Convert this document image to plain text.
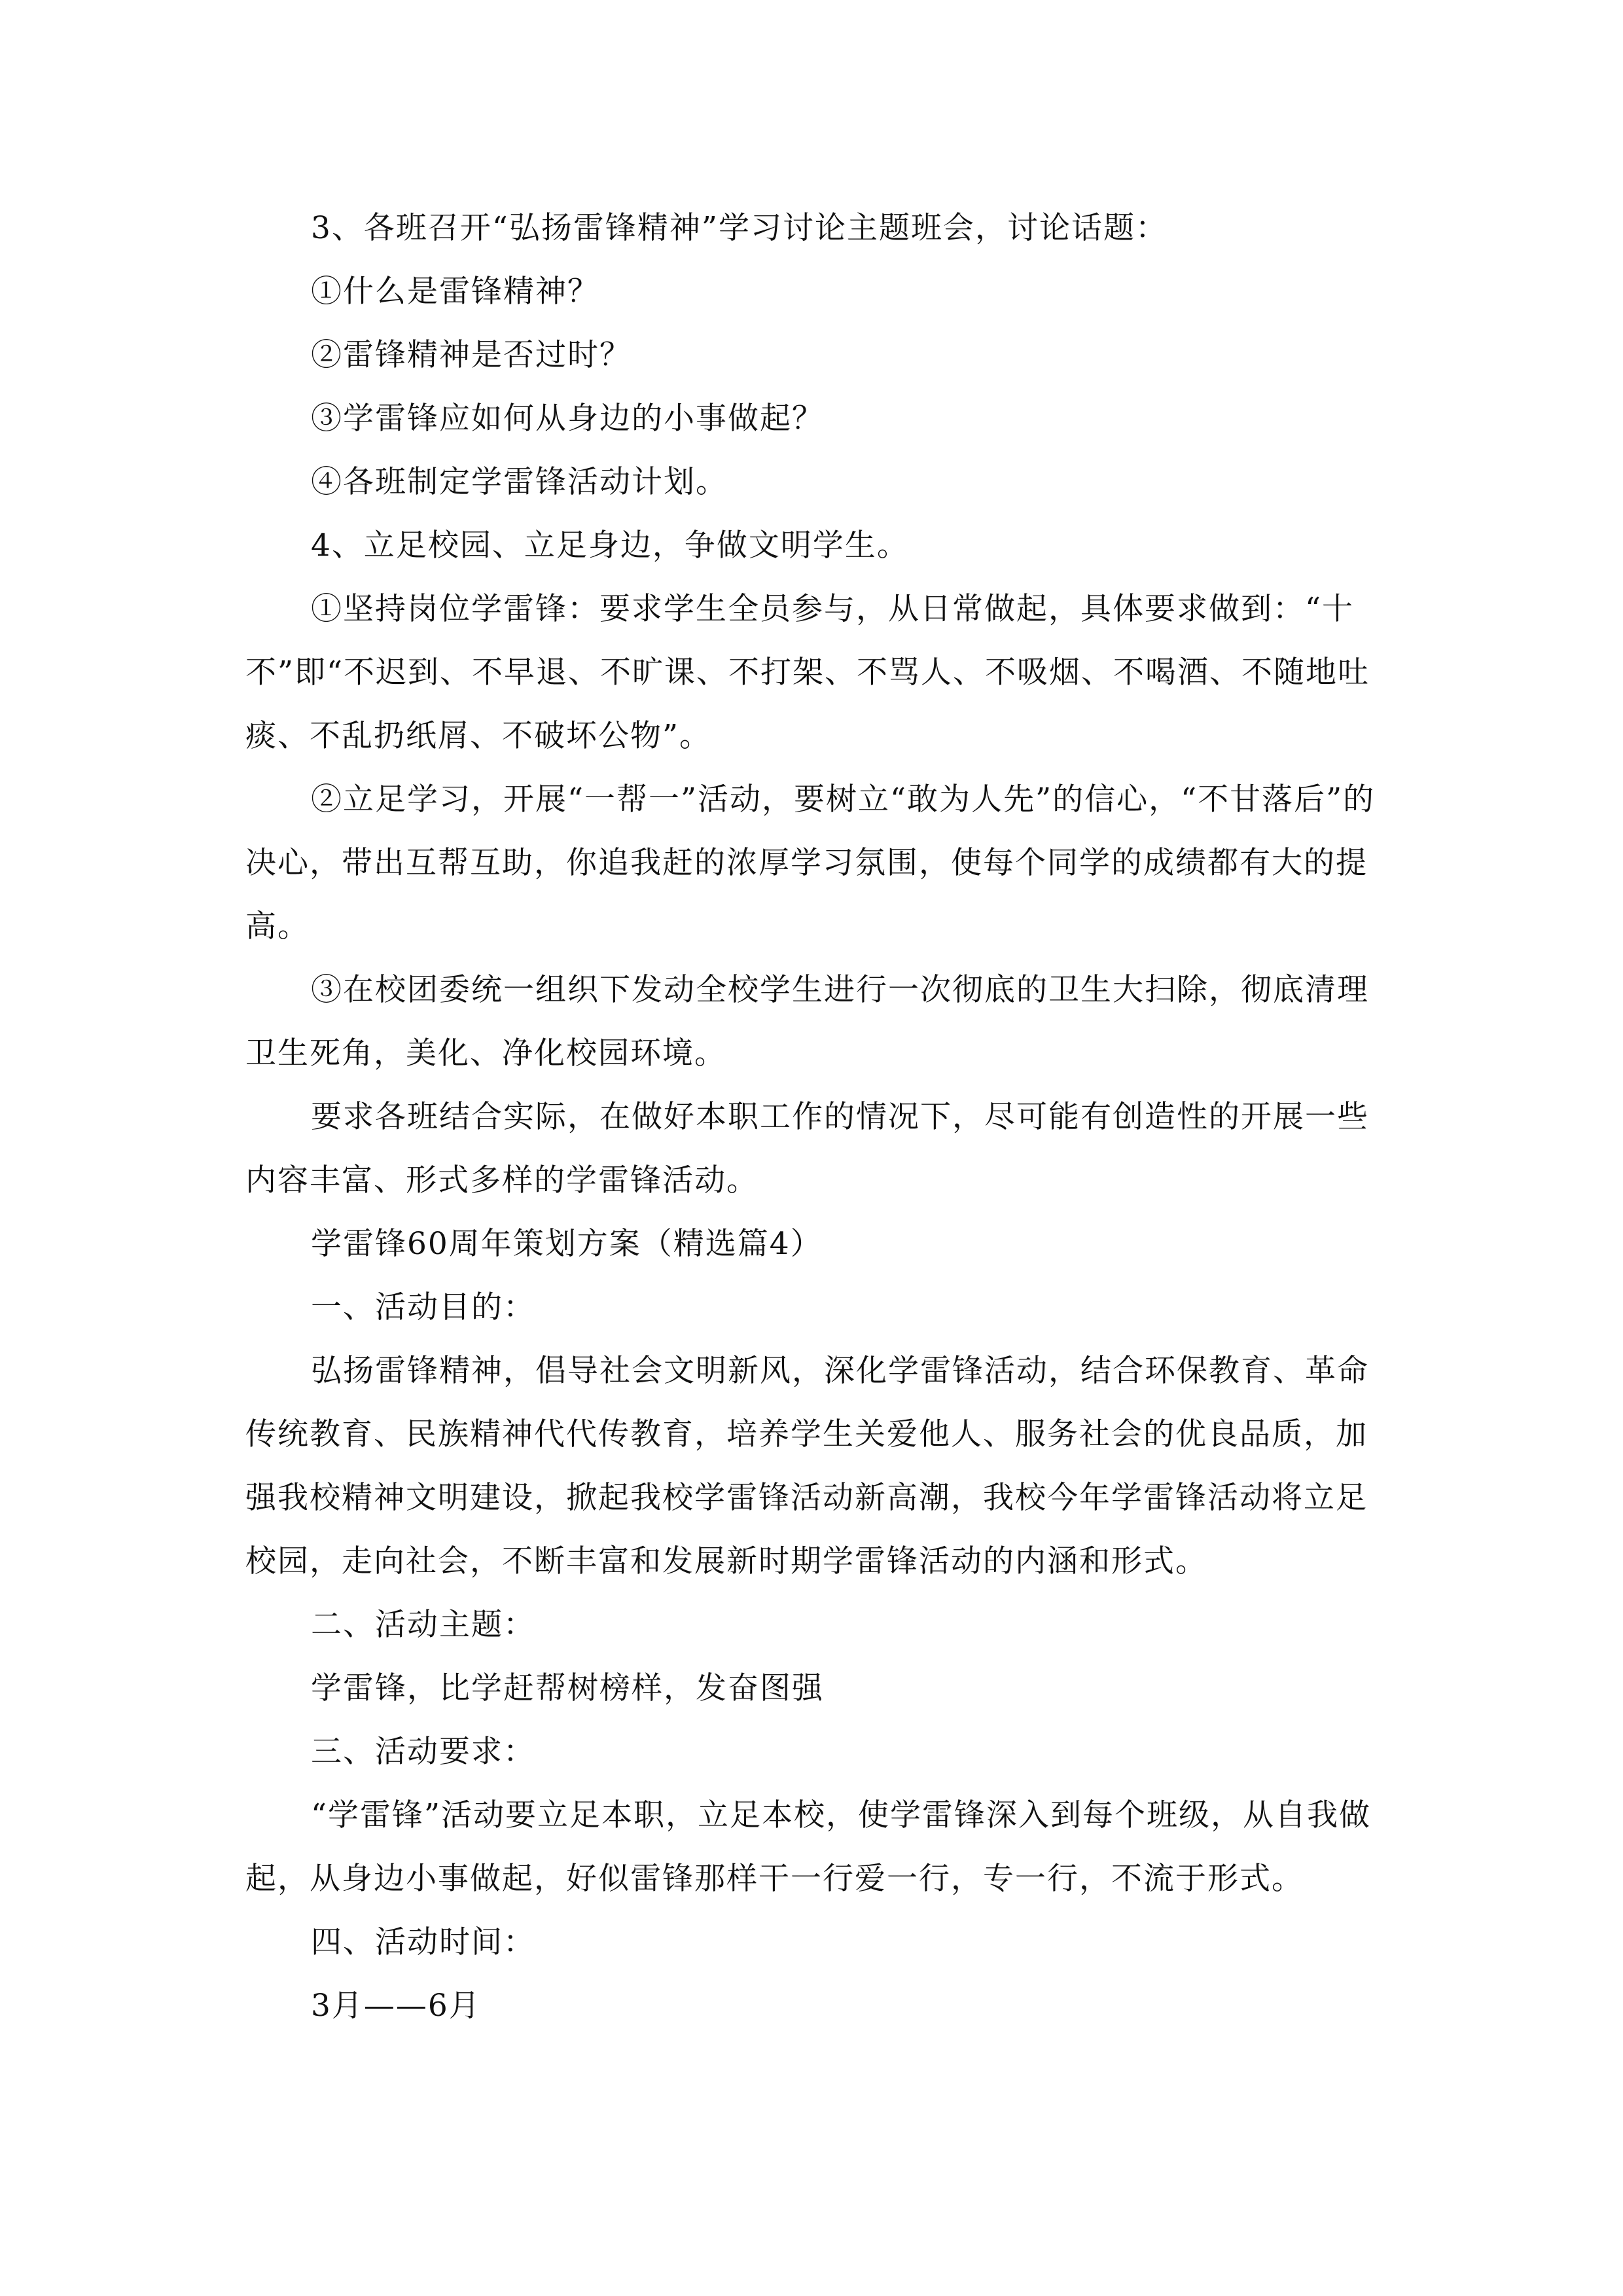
3、各班召开“弘扬雷锋精神”学习讨论主题班会，讨论话题：

①什么是雷锋精神？

②雷锋精神是否过时？

③学雷锋应如何从身边的小事做起？

④各班制定学雷锋活动计划。

4、立足校园、立足身边，争做文明学生。

①坚持岗位学雷锋：要求学生全员参与，从日常做起，具体要求做到：“十不”即“不迟到、不早退、不旷课、不打架、不骂人、不吸烟、不喝酒、不随地吐痰、不乱扔纸屑、不破坏公物”。

②立足学习，开展“一帮一”活动，要树立“敢为人先”的信心，“不甘落后”的决心，带出互帮互助，你追我赶的浓厚学习氛围，使每个同学的成绩都有大的提高。

③在校团委统一组织下发动全校学生进行一次彻底的卫生大扫除，彻底清理卫生死角，美化、净化校园环境。

要求各班结合实际，在做好本职工作的情况下，尽可能有创造性的开展一些内容丰富、形式多样的学雷锋活动。

学雷锋60周年策划方案（精选篇4）

一、活动目的：

弘扬雷锋精神，倡导社会文明新风，深化学雷锋活动，结合环保教育、革命传统教育、民族精神代代传教育，培养学生关爱他人、服务社会的优良品质，加强我校精神文明建设，掀起我校学雷锋活动新高潮，我校今年学雷锋活动将立足校园，走向社会，不断丰富和发展新时期学雷锋活动的内涵和形式。

二、活动主题：

学雷锋，比学赶帮树榜样，发奋图强

三、活动要求：

“学雷锋”活动要立足本职，立足本校，使学雷锋深入到每个班级，从自我做起，从身边小事做起，好似雷锋那样干一行爱一行，专一行，不流于形式。

四、活动时间：

3月——6月
